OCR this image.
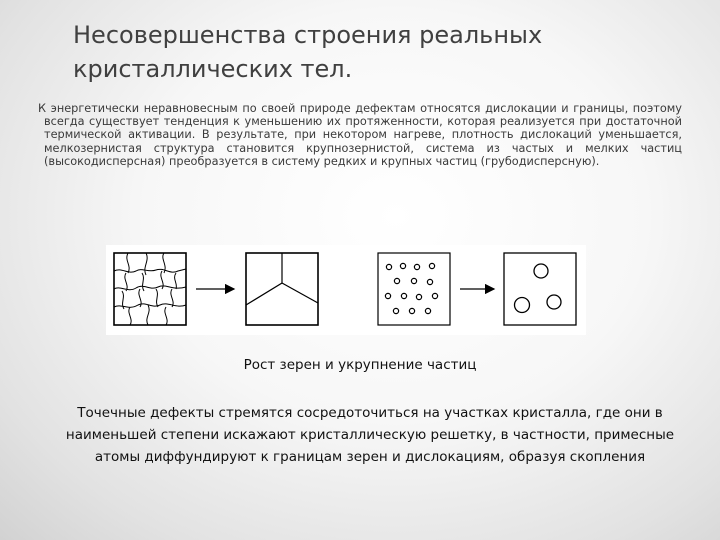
Несовершенства строения реальных
кристаллических тел.
К энергетически неравновесным по своей природе дефектам относятся дислокации и границы, поэтому всегда существует тенденция к уменьшению их протяженности, которая реализуется при достаточной термической активации. В результате, при некотором нагреве, плотность дислокаций уменьшается, мелкозернистая структура становится крупнозернистой, система из частых и мелких частиц (высокодисперсная) преобразуется в систему редких и крупных частиц (грубодисперсную).
Рост зерен и укрупнение частиц
Точечные дефекты стремятся сосредоточиться на участках кристалла, где они в наименьшей степени искажают кристаллическую решетку, в частности, примесные атомы диффундируют к границам зерен и дислокациям, образуя скопления
